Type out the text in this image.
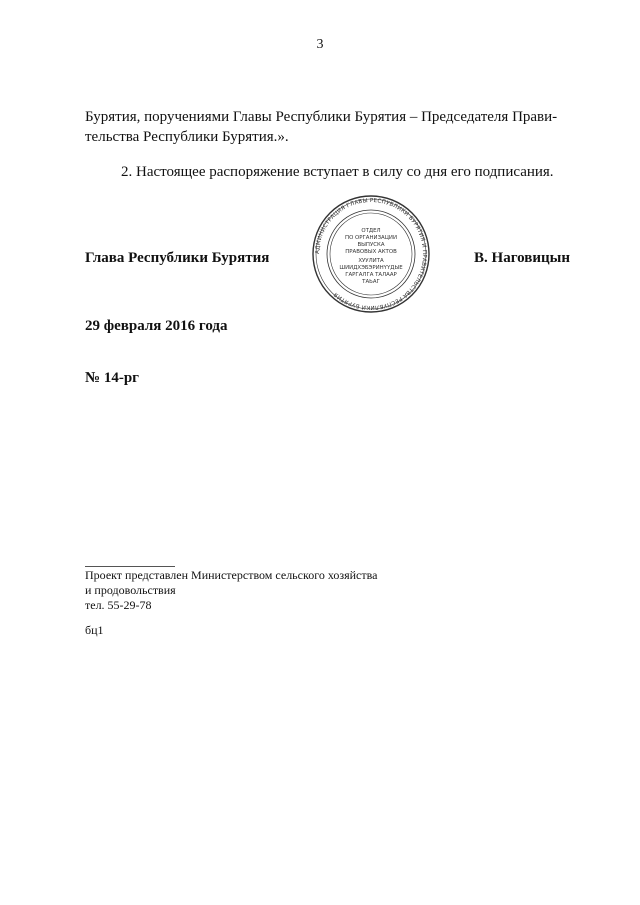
3
Бурятия, поручениями Главы Республики Бурятия – Председателя Прави-
тельства Республики Бурятия.».
2. Настоящее распоряжение вступает в силу со дня его подписания.
Глава Республики Бурятия	В. Наговицын
АДМИНИСТРАЦИЯ ГЛАВЫ РЕСПУБЛИКИ БУРЯТИЯ И ПРАВИТЕЛЬСТВА РЕСПУБЛИКИ БУРЯТИЯ
ОТДЕЛ
ПО ОРГАНИЗАЦИИ
ВЫПУСКА
ПРАВОВЫХ АКТОВ
ХУУЛИТА
ШИИДХЭБЭРИНҮҮДЫЕ
ГАРГАЛГА ТАЛААР
ТАЬАГ
29 февраля 2016 года
№ 14-рг
Проект представлен Министерством сельского хозяйства
и продовольствия
тел. 55-29-78
бц1
